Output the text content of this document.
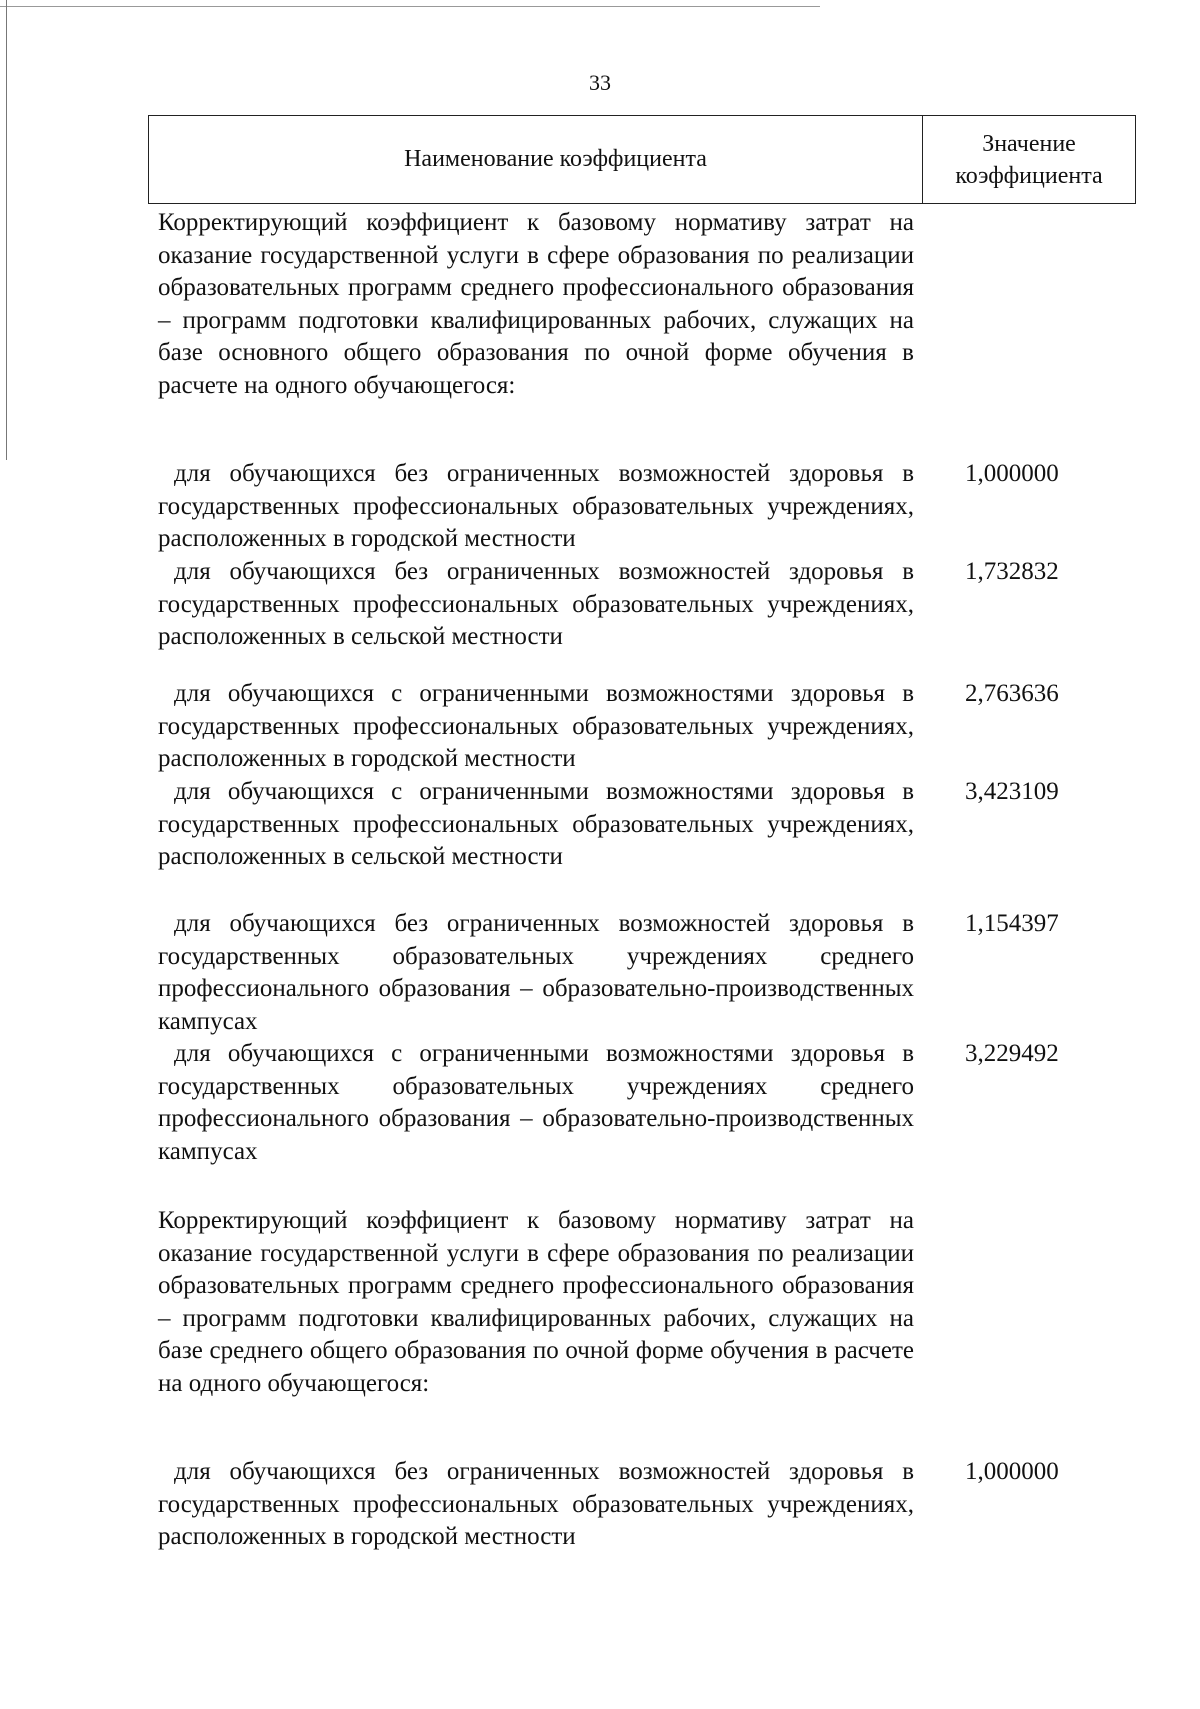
33
Наименование коэффициента
Значение
коэффициента
Корректирующий коэффициент к базовому нормативу затрат на оказание государственной услуги в сфере образования по реализации образовательных программ среднего профессионального образования – программ подготовки квалифицированных рабочих, служащих на базе основного общего образования по очной форме обучения в расчете на одного обучающегося:
для обучающихся без ограниченных возможностей здоровья в государственных профессиональных образовательных учреждениях, расположенных в городской местности
1,000000
для обучающихся без ограниченных возможностей здоровья в государственных профессиональных образовательных учреждениях, расположенных в сельской местности
1,732832
для обучающихся с ограниченными возможностями здоровья в государственных профессиональных образовательных учреждениях, расположенных в городской местности
2,763636
для обучающихся с ограниченными возможностями здоровья в государственных профессиональных образовательных учреждениях, расположенных в сельской местности
3,423109
для обучающихся без ограниченных возможностей здоровья в государственных образовательных учреждениях среднего профессионального образования – образовательно-производственных кампусах
1,154397
для обучающихся с ограниченными возможностями здоровья в государственных образовательных учреждениях среднего профессионального образования – образовательно-производственных кампусах
3,229492
Корректирующий коэффициент к базовому нормативу затрат на оказание государственной услуги в сфере образования по реализации образовательных программ среднего профессионального образования – программ подготовки квалифицированных рабочих, служащих на базе среднего общего образования по очной форме обучения в расчете на одного обучающегося:
для обучающихся без ограниченных возможностей здоровья в государственных профессиональных образовательных учреждениях, расположенных в городской местности
1,000000
